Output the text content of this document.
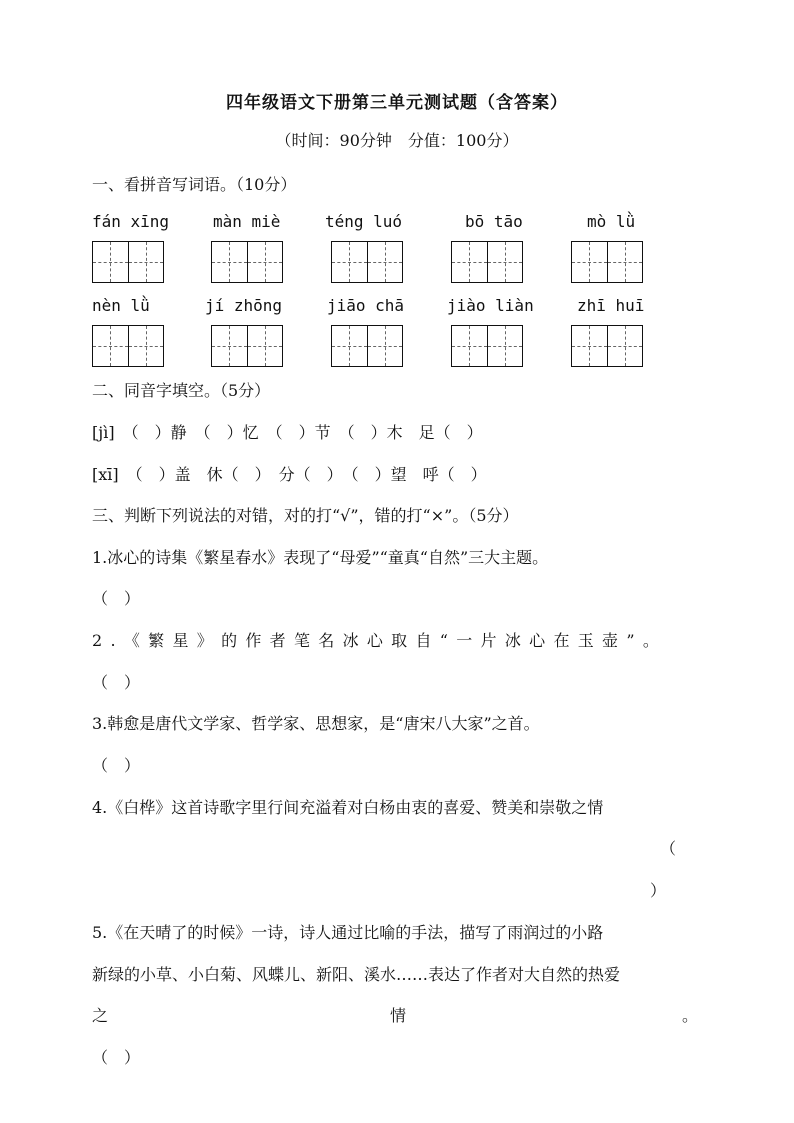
四年级语文下册第三单元测试题（含答案）
（时间：90分钟　分值：100分）
一、看拼音写词语。（10分）
fán xīng	màn miè	téng luó	bō tāo	mò lǜ
nèn lǜ	jí zhōng	jiāo chā	jiào liàn	zhī huī
二、同音字填空。（5分）
[jì]　（　）静　（　）忆　（　）节　（　）木　足（　）
[xī]　（　）盖　休（　）　分（　）　（　）望　呼（　）
三、判断下列说法的对错，对的打“√”，错的打“×”。（5分）
1.冰心的诗集《繁星春水》表现了“母爱”“童真“自然”三大主题。
（　）
2.《繁星》的作者笔名冰心取自“一片冰心在玉壶”。
（　）
3.韩愈是唐代文学家、哲学家、思想家，是“唐宋八大家”之首。
（　）
4.《白桦》这首诗歌字里行间充溢着对白杨由衷的喜爱、赞美和崇敬之情
（
）
5.《在天晴了的时候》一诗，诗人通过比喻的手法，描写了雨润过的小路
新绿的小草、小白菊、风蝶儿、新阳、溪水……表达了作者对大自然的热爱
之	情	。
（　）
